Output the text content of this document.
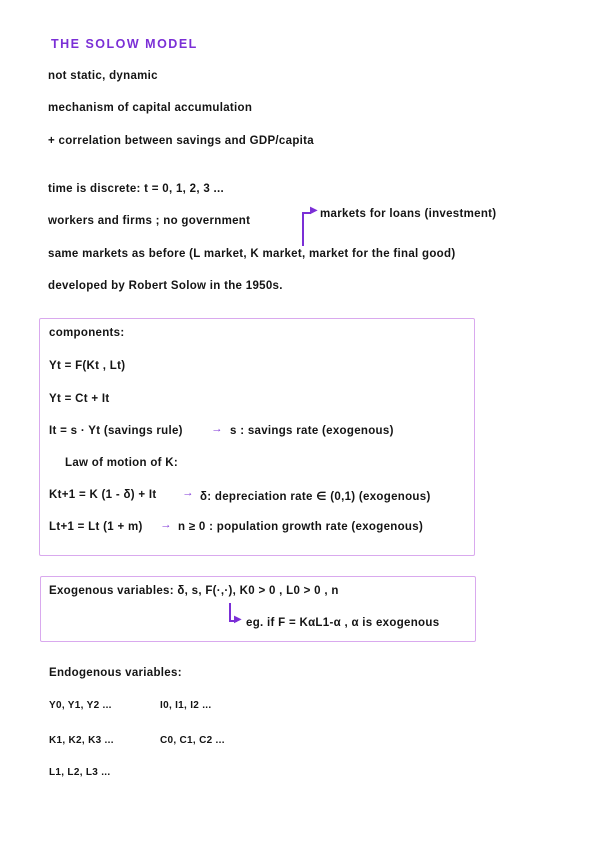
THE SOLOW MODEL
not static, dynamic
mechanism of capital accumulation
+ correlation between savings and GDP/capita
time is discrete: t = 0, 1, 2, 3 ...
workers and firms ; no government
▶ markets for loans (investment)
same markets as before (L market, K market, market for the final good)
developed by Robert Solow in the 1950s.
components:
Yt = F(Kt , Lt)
Yt = Ct + It
It = s · Yt (savings rule) → s : savings rate (exogenous)
Law of motion of K:
Kt+1 = K (1 - δ) + It → δ: depreciation rate ∈ (0,1) (exogenous)
Lt+1 = Lt (1 + m) → n ≥ 0 : population growth rate (exogenous)
Exogenous variables: δ, s, F(·,·), K0 > 0 , L0 > 0 , n
▶ eg. if F = KαL1-α , α is exogenous
Endogenous variables:
Y0, Y1, Y2 ...	I0, I1, I2 ...
K1, K2, K3 ...	C0, C1, C2 ...
L1, L2, L3 ...
